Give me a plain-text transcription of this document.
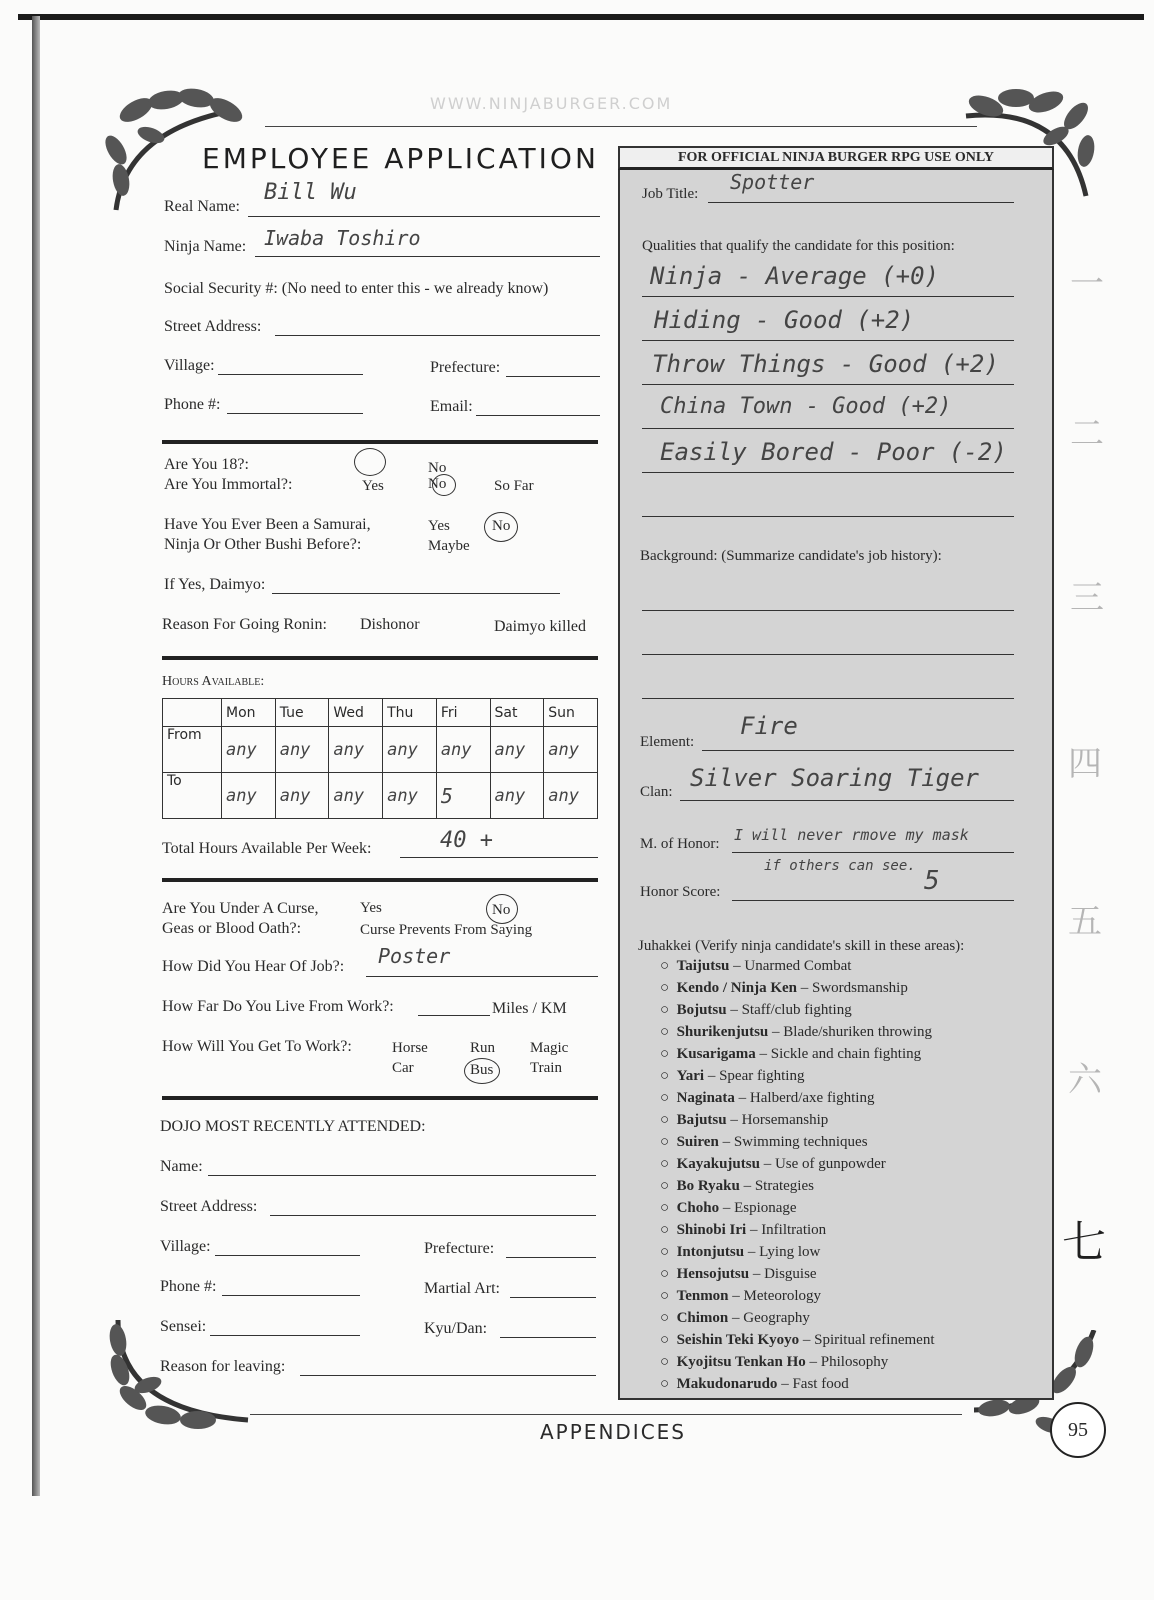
WWW.NINJABURGER.COM
EMPLOYEE APPLICATION
Real Name:
Bill Wu
Ninja Name: Iwaba Toshiro
Social Security #: (No need to enter this - we already know)
Street Address:
Village:	Prefecture:
Phone #:	Email:
Are You 18?:
Are You Immortal?:	Yes
No
No	So Far
Have You Ever Been a Samurai,
Ninja Or Other Bushi Before?:
Yes
Maybe
No
If Yes, Daimyo:
Reason For Going Ronin: Dishonor	Daimyo killed
Hours Available:
	Mon	Tue	Wed	Thu	Fri	Sat	Sun
From	any	any	any	any	any	any	any
To	any	any	any	any	5	any	any
Total Hours Available Per Week:	40 +
Are You Under A Curse,
Geas or Blood Oath?:
Yes	No
Curse Prevents From Saying
How Did You Hear Of Job?: Poster
How Far Do You Live From Work?:	Miles / KM
How Will You Get To Work?:	Horse
Car
Run
Bus
Magic
Train
DOJO MOST RECENTLY ATTENDED:
Name:
Street Address:
Village:	Prefecture:
Phone #:	Martial Art:
Sensei:	Kyu/Dan:
Reason for leaving:
FOR OFFICIAL NINJA BURGER RPG USE ONLY
Job Title: Spotter
Qualities that qualify the candidate for this position:
Ninja - Average (+0)
Hiding - Good (+2)
Throw Things - Good (+2)
China Town - Good (+2)
Easily Bored - Poor (-2)
Background: (Summarize candidate's job history):
Element:
Fire
Clan: Silver Soaring Tiger
M. of Honor: I will never rmove my mask
if others can see.
Honor Score:	5
Juhakkei (Verify ninja candidate's skill in these areas):
○ Taijutsu – Unarmed Combat
○ Kendo / Ninja Ken – Swordsmanship
○ Bojutsu – Staff/club fighting
○ Shurikenjutsu – Blade/shuriken throwing
○ Kusarigama – Sickle and chain fighting
○ Yari – Spear fighting
○ Naginata – Halberd/axe fighting
○ Bajutsu – Horsemanship
○ Suiren – Swimming techniques
○ Kayakujutsu – Use of gunpowder
○ Bo Ryaku – Strategies
○ Choho – Espionage
○ Shinobi Iri – Infiltration
○ Intonjutsu – Lying low
○ Hensojutsu – Disguise
○ Tenmon – Meteorology
○ Chimon – Geography
○ Seishin Teki Kyoyo – Spiritual refinement
○ Kyojitsu Tenkan Ho – Philosophy
○ Makudonarudo – Fast food
一
二
三
四
五
六
七
APPENDICES	95
